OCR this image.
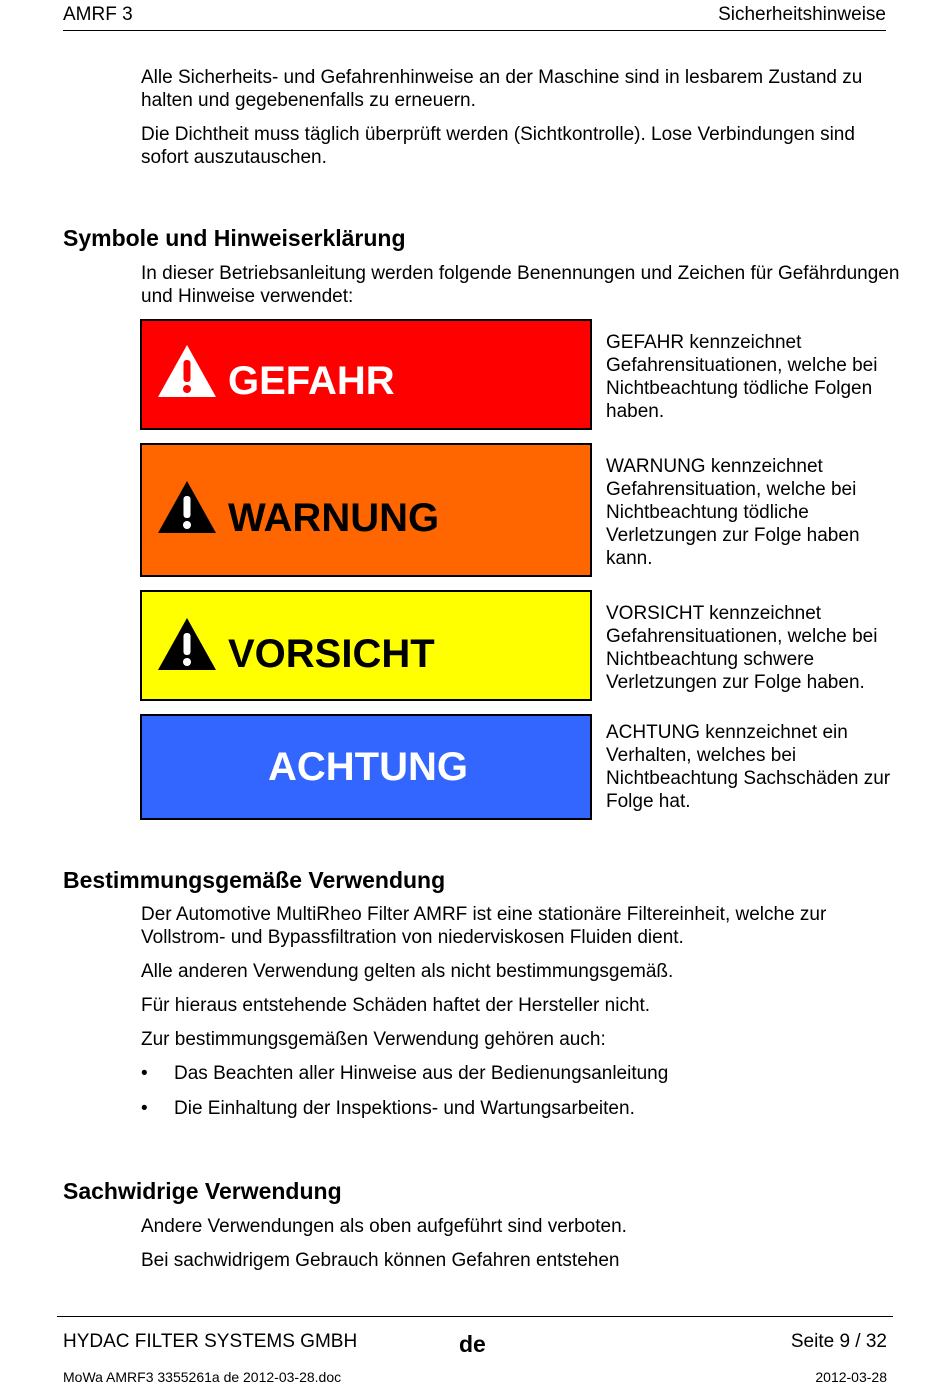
AMRF 3	Sicherheitshinweise
Alle Sicherheits- und Gefahrenhinweise an der Maschine sind in lesbarem Zustand zu halten und gegebenenfalls zu erneuern.
Die Dichtheit muss täglich überprüft werden (Sichtkontrolle). Lose Verbindungen sind sofort auszutauschen.
Symbole und Hinweiserklärung
In dieser Betriebsanleitung werden folgende Benennungen und Zeichen für Gefährdungen und Hinweise verwendet:
GEFAHR
GEFAHR kennzeichnet Gefahrensituationen, welche bei Nichtbeachtung tödliche Folgen haben.
WARNUNG
WARNUNG kennzeichnet Gefahrensituation, welche bei Nichtbeachtung tödliche Verletzungen zur Folge haben kann.
VORSICHT
VORSICHT kennzeichnet Gefahrensituationen, welche bei Nichtbeachtung schwere Verletzungen zur Folge haben.
ACHTUNG
ACHTUNG kennzeichnet ein Verhalten, welches bei Nichtbeachtung Sachschäden zur Folge hat.
Bestimmungsgemäße Verwendung
Der Automotive MultiRheo Filter AMRF ist eine stationäre Filtereinheit, welche zur Vollstrom- und Bypassfiltration von niederviskosen Fluiden dient.
Alle anderen Verwendung gelten als nicht bestimmungsgemäß.
Für hieraus entstehende Schäden haftet der Hersteller nicht.
Zur bestimmungsgemäßen Verwendung gehören auch:
• Das Beachten aller Hinweise aus der Bedienungsanleitung
• Die Einhaltung der Inspektions- und Wartungsarbeiten.
Sachwidrige Verwendung
Andere Verwendungen als oben aufgeführt sind verboten.
Bei sachwidrigem Gebrauch können Gefahren entstehen
HYDAC FILTER SYSTEMS GMBH	de	Seite 9 / 32
MoWa AMRF3 3355261a de 2012-03-28.doc	2012-03-28
